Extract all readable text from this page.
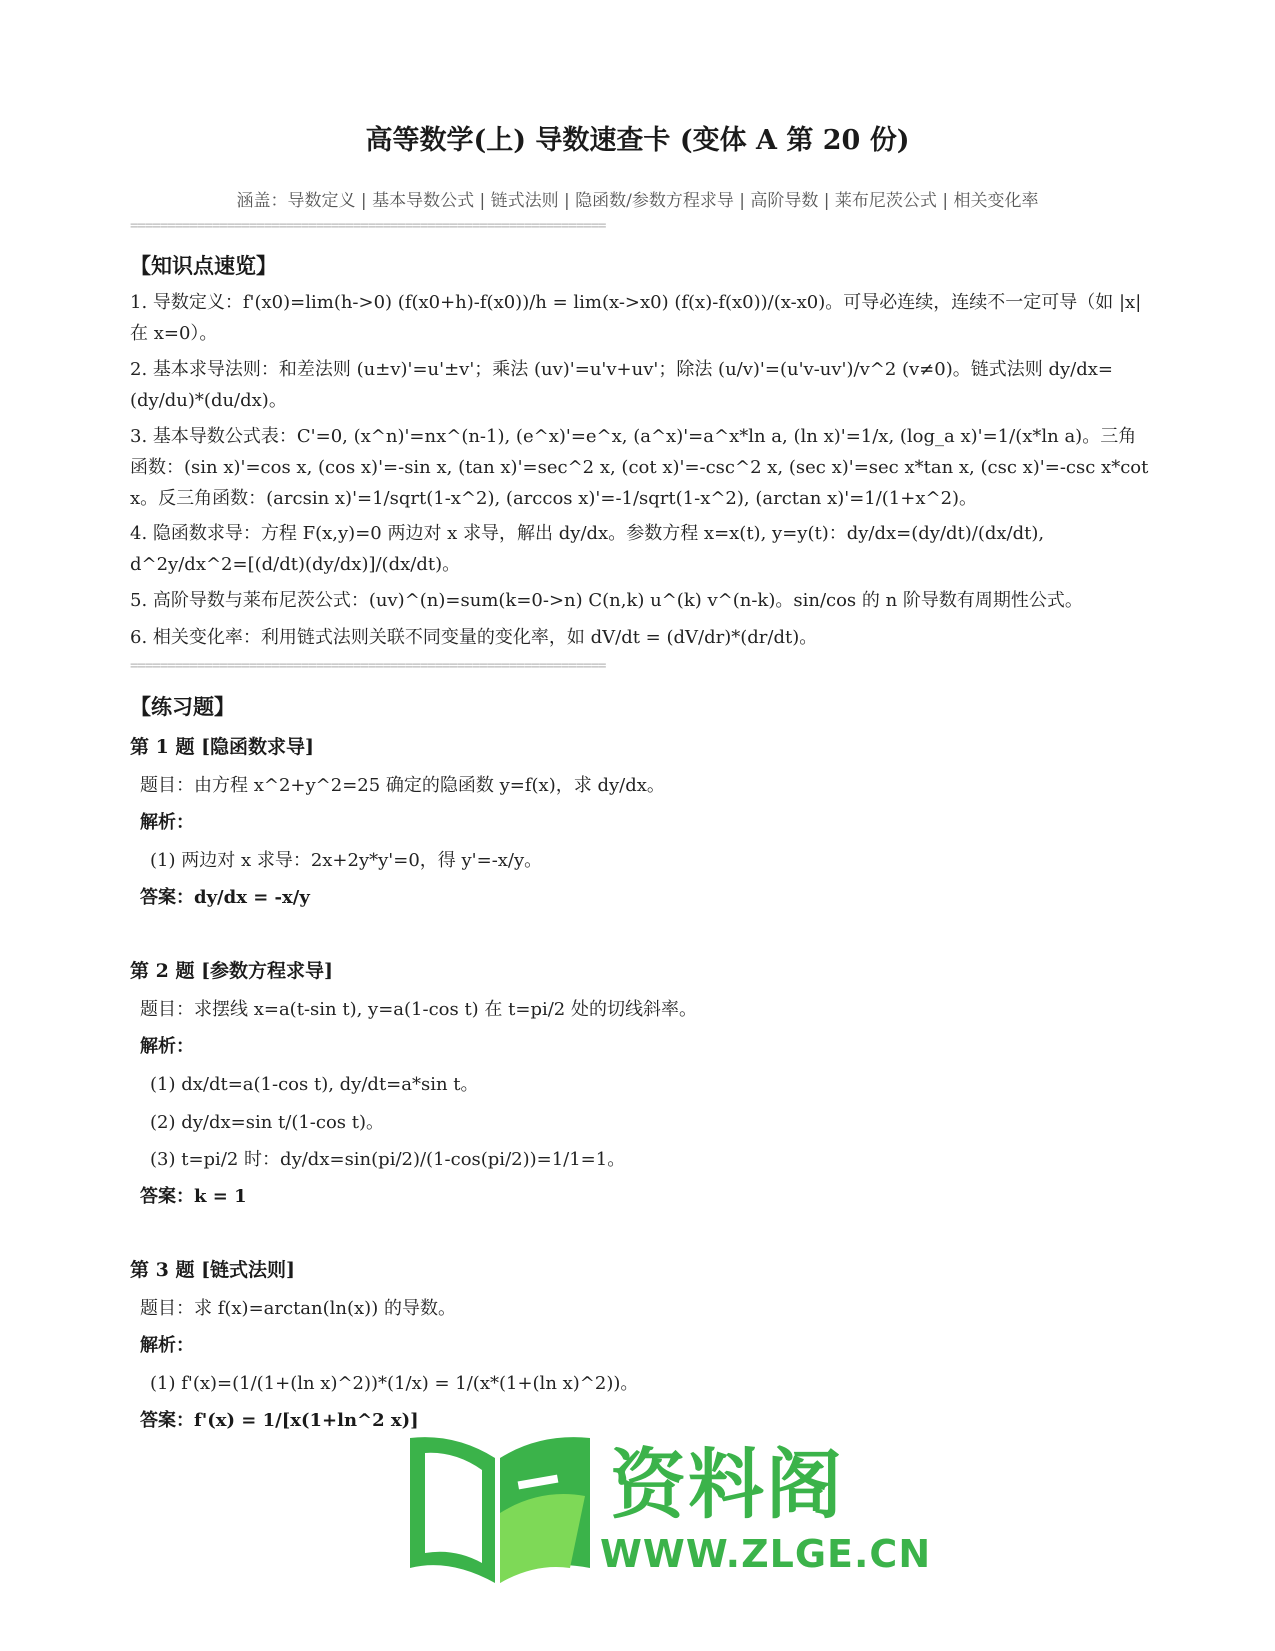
高等数学(上) 导数速查卡 (变体 A 第 20 份)
涵盖：导数定义 | 基本导数公式 | 链式法则 | 隐函数/参数方程求导 | 高阶导数 | 莱布尼茨公式 | 相关变化率
================================================================
【知识点速览】
1. 导数定义：f'(x0)=lim(h->0) (f(x0+h)-f(x0))/h = lim(x->x0) (f(x)-f(x0))/(x-x0)。可导必连续，连续不一定可导（如 |x|在 x=0）。
2. 基本求导法则：和差法则 (u±v)'=u'±v'；乘法 (uv)'=u'v+uv'；除法 (u/v)'=(u'v-uv')/v^2 (v≠0)。链式法则 dy/dx=(dy/du)*(du/dx)。
3. 基本导数公式表：C'=0, (x^n)'=nx^(n-1), (e^x)'=e^x, (a^x)'=a^x*ln a, (ln x)'=1/x, (log_a x)'=1/(x*ln a)。三角函数：(sin x)'=cos x, (cos x)'=-sin x, (tan x)'=sec^2 x, (cot x)'=-csc^2 x, (sec x)'=sec x*tan x, (csc x)'=-csc x*cot x。反三角函数：(arcsin x)'=1/sqrt(1-x^2), (arccos x)'=-1/sqrt(1-x^2), (arctan x)'=1/(1+x^2)。
4. 隐函数求导：方程 F(x,y)=0 两边对 x 求导，解出 dy/dx。参数方程 x=x(t), y=y(t)：dy/dx=(dy/dt)/(dx/dt), d^2y/dx^2=[(d/dt)(dy/dx)]/(dx/dt)。
5. 高阶导数与莱布尼茨公式：(uv)^(n)=sum(k=0->n) C(n,k) u^(k) v^(n-k)。sin/cos 的 n 阶导数有周期性公式。
6. 相关变化率：利用链式法则关联不同变量的变化率，如 dV/dt = (dV/dr)*(dr/dt)。
================================================================
【练习题】
第 1 题 [隐函数求导]
题目：由方程 x^2+y^2=25 确定的隐函数 y=f(x)，求 dy/dx。
解析：
(1) 两边对 x 求导：2x+2y*y'=0，得 y'=-x/y。
答案：dy/dx = -x/y
第 2 题 [参数方程求导]
题目：求摆线 x=a(t-sin t), y=a(1-cos t) 在 t=pi/2 处的切线斜率。
解析：
(1) dx/dt=a(1-cos t), dy/dt=a*sin t。
(2) dy/dx=sin t/(1-cos t)。
(3) t=pi/2 时：dy/dx=sin(pi/2)/(1-cos(pi/2))=1/1=1。
答案：k = 1
第 3 题 [链式法则]
题目：求 f(x)=arctan(ln(x)) 的导数。
解析：
(1) f'(x)=(1/(1+(ln x)^2))*(1/x) = 1/(x*(1+(ln x)^2))。
答案：f'(x) = 1/[x(1+ln^2 x)]
资料阁
WWW.ZLGE.CN
